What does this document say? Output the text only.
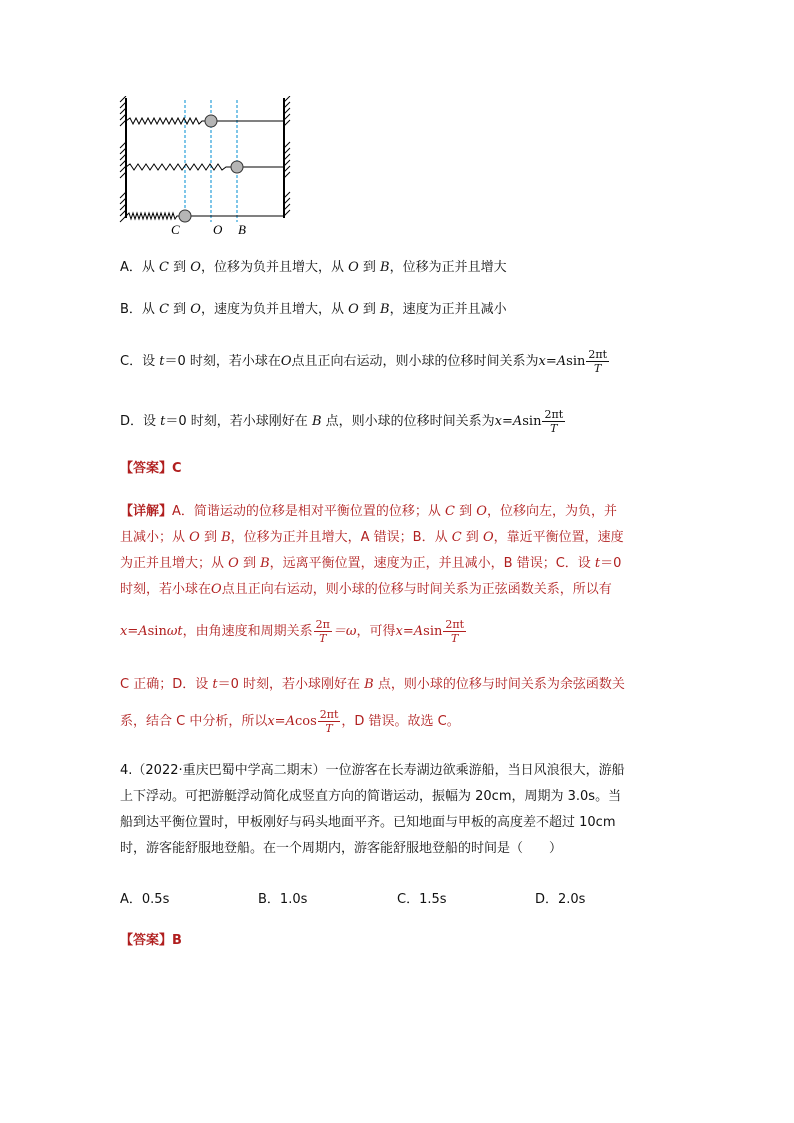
C	O B
A．从 C 到 O，位移为负并且增大，从 O 到 B，位移为正并且增大
B．从 C 到 O，速度为负并且增大，从 O 到 B，速度为正并且减小
C．设 t＝0 时刻，若小球在O点且正向右运动，则小球的位移时间关系为$x=Asin \frac{2\pi t}{T}$
D．设 t＝0 时刻，若小球刚好在 B 点，则小球的位移时间关系为$x=Asin \frac{2\pi t}{T}$
【答案】C
【详解】A．简谐运动的位移是相对平衡位置的位移；从 C 到 O，位移向左，为负，并
且减小；从 O 到 B，位移为正并且增大，A 错误；B．从 C 到 O，靠近平衡位置，速度
为正并且增大；从 O 到 B，远离平衡位置，速度为正，并且减小，B 错误；C．设 t＝0
时刻，若小球在O点且正向右运动，则小球的位移与时间关系为正弦函数关系，所以有
x=Asinωt，由角速度和周期关系 $\frac{2\pi}{T} =\omega$，可得$x=Asin \frac{2\pi t}{T}$
C 正确；D．设 t＝0 时刻，若小球刚好在 B 点，则小球的位移与时间关系为余弦函数关
系，结合 C 中分析，所以$x=Acos \frac{2\pi t}{T}$ ，D 错误。故选 C。
4.（2022·重庆巴蜀中学高二期末）一位游客在长寿湖边欲乘游船，当日风浪很大，游船
上下浮动。可把游艇浮动简化成竖直方向的简谐运动，振幅为 20cm，周期为 3.0s。当
船到达平衡位置时，甲板刚好与码头地面平齐。已知地面与甲板的高度差不超过 10cm
时，游客能舒服地登船。在一个周期内，游客能舒服地登船的时间是（　　）
A．0.5s	B．1.0s	C．1.5s	D．2.0s
【答案】B
